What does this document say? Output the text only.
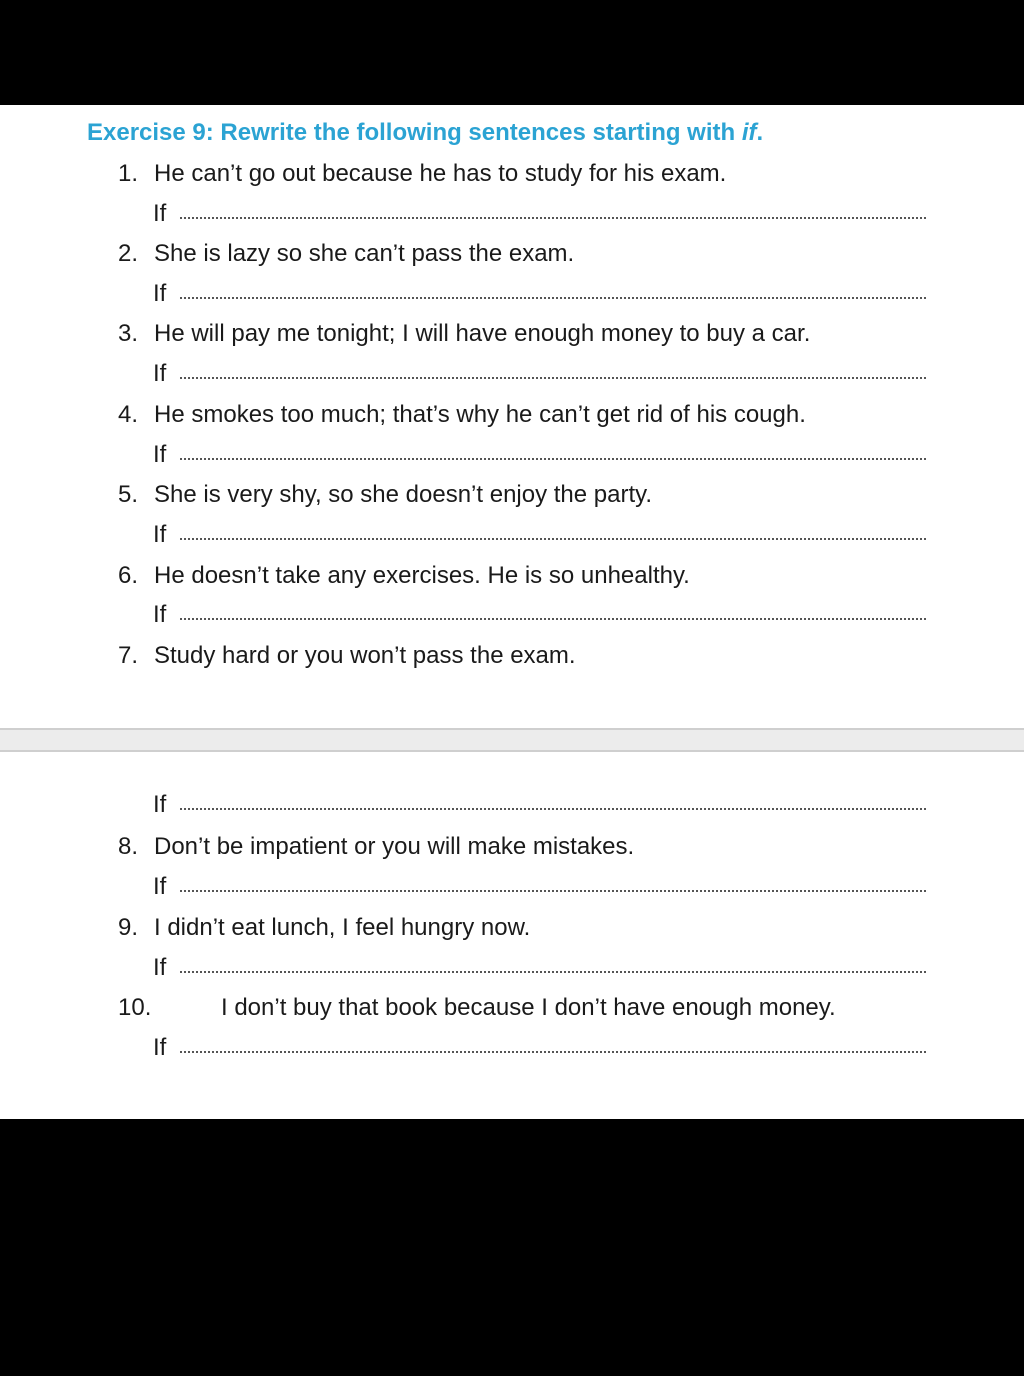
Exercise 9: Rewrite the following sentences starting with if.
1. He can’t go out because he has to study for his exam.
If
2. She is lazy so she can’t pass the exam.
If
3. He will pay me tonight; I will have enough money to buy a car.
If
4. He smokes too much; that’s why he can’t get rid of his cough.
If
5. She is very shy, so she doesn’t enjoy the party.
If
6. He doesn’t take any exercises. He is so unhealthy.
If
7. Study hard or you won’t pass the exam.
If
8. Don’t be impatient or you will make mistakes.
If
9. I didn’t eat lunch, I feel hungry now.
If
10.	I don’t buy that book because I don’t have enough money.
If
